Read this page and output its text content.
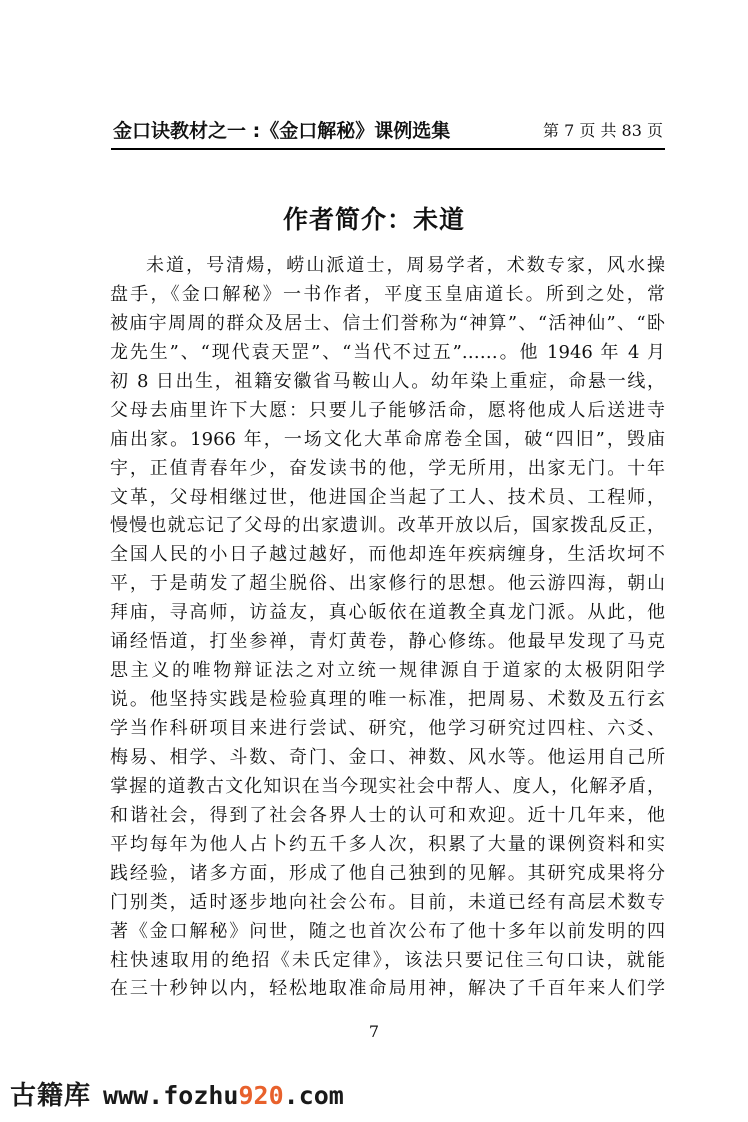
金口诀教材之一 :《金口解秘》课例选集	第 7 页 共 83 页
作者简介：未道
未道，号清煬，崂山派道士，周易学者，术数专家，风水操
盘手，《金口解秘》一书作者，平度玉皇庙道长。所到之处，常
被庙宇周周的群众及居士、信士们誉称为“神算”、“活神仙”、“卧
龙先生”、“现代袁天罡”、“当代不过五”……。他 1946 年 4 月
初 8 日出生，祖籍安徽省马鞍山人。幼年染上重症，命悬一线，
父母去庙里许下大愿：只要儿子能够活命，愿将他成人后送进寺
庙出家。1966 年，一场文化大革命席卷全国，破“四旧”，毁庙
宇，正值青春年少，奋发读书的他，学无所用，出家无门。十年
文革，父母相继过世，他进国企当起了工人、技术员、工程师，
慢慢也就忘记了父母的出家遗训。改革开放以后，国家拨乱反正，
全国人民的小日子越过越好，而他却连年疾病缠身，生活坎坷不
平，于是萌发了超尘脱俗、出家修行的思想。他云游四海，朝山
拜庙，寻高师，访益友，真心皈依在道教全真龙门派。从此，他
诵经悟道，打坐参禅，青灯黄卷，静心修练。他最早发现了马克
思主义的唯物辩证法之对立统一规律源自于道家的太极阴阳学
说。他坚持实践是检验真理的唯一标准，把周易、术数及五行玄
学当作科研项目来进行尝试、研究，他学习研究过四柱、六爻、
梅易、相学、斗数、奇门、金口、神数、风水等。他运用自己所
掌握的道教古文化知识在当今现实社会中帮人、度人，化解矛盾，
和谐社会，得到了社会各界人士的认可和欢迎。近十几年来，他
平均每年为他人占卜约五千多人次，积累了大量的课例资料和实
践经验，诸多方面，形成了他自己独到的见解。其研究成果将分
门别类，适时逐步地向社会公布。目前，未道已经有高层术数专
著《金口解秘》问世，随之也首次公布了他十多年以前发明的四
柱快速取用的绝招《未氏定律》，该法只要记住三句口诀，就能
在三十秒钟以内，轻松地取准命局用神，解决了千百年来人们学
7
古籍库 www.fozhu920.com
